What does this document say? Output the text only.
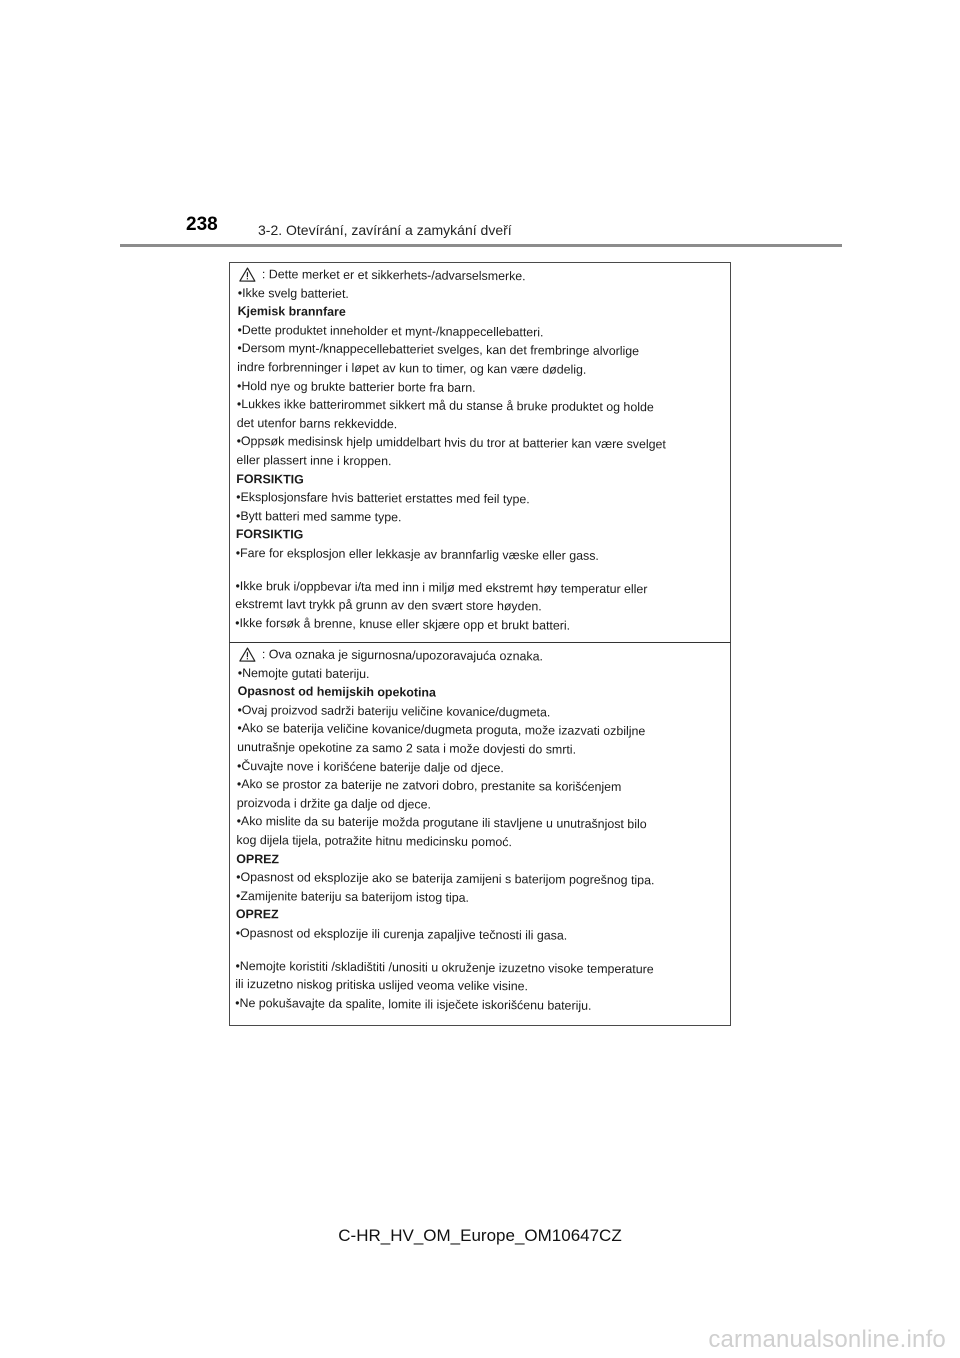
238	3-2. Otevírání, zavírání a zamykání dveří
: Dette merket er et sikkerhets-/advarselsmerke.
•Ikke svelg batteriet.
Kjemisk brannfare
•Dette produktet inneholder et mynt-/knappecellebatteri.
•Dersom mynt-/knappecellebatteriet svelges, kan det frembringe alvorlige
indre forbrenninger i løpet av kun to timer, og kan være dødelig.
•Hold nye og brukte batterier borte fra barn.
•Lukkes ikke batterirommet sikkert må du stanse å bruke produktet og holde
det utenfor barns rekkevidde.
•Oppsøk medisinsk hjelp umiddelbart hvis du tror at batterier kan være svelget
eller plassert inne i kroppen.
FORSIKTIG
•Eksplosjonsfare hvis batteriet erstattes med feil type.
•Bytt batteri med samme type.
FORSIKTIG
•Fare for eksplosjon eller lekkasje av brannfarlig væske eller gass.
•Ikke bruk i/oppbevar i/ta med inn i miljø med ekstremt høy temperatur eller
ekstremt lavt trykk på grunn av den svært store høyden.
•Ikke forsøk å brenne, knuse eller skjære opp et brukt batteri.
: Ova oznaka je sigurnosna/upozoravajuća oznaka.
•Nemojte gutati bateriju.
Opasnost od hemijskih opekotina
•Ovaj proizvod sadrži bateriju veličine kovanice/dugmeta.
•Ako se baterija veličine kovanice/dugmeta proguta, može izazvati ozbiljne
unutrašnje opekotine za samo 2 sata i može dovjesti do smrti.
•Čuvajte nove i korišćene baterije dalje od djece.
•Ako se prostor za baterije ne zatvori dobro, prestanite sa korišćenjem
proizvoda i držite ga dalje od djece.
•Ako mislite da su baterije možda progutane ili stavljene u unutrašnjost bilo
kog dijela tijela, potražite hitnu medicinsku pomoć.
OPREZ
•Opasnost od eksplozije ako se baterija zamijeni s baterijom pogrešnog tipa.
•Zamijenite bateriju sa baterijom istog tipa.
OPREZ
•Opasnost od eksplozije ili curenja zapaljive tečnosti ili gasa.
•Nemojte koristiti /skladištiti /unositi u okruženje izuzetno visoke temperature
ili izuzetno niskog pritiska uslijed veoma velike visine.
•Ne pokušavajte da spalite, lomite ili isječete iskorišćenu bateriju.
C-HR_HV_OM_Europe_OM10647CZ
carmanualsonline.info
